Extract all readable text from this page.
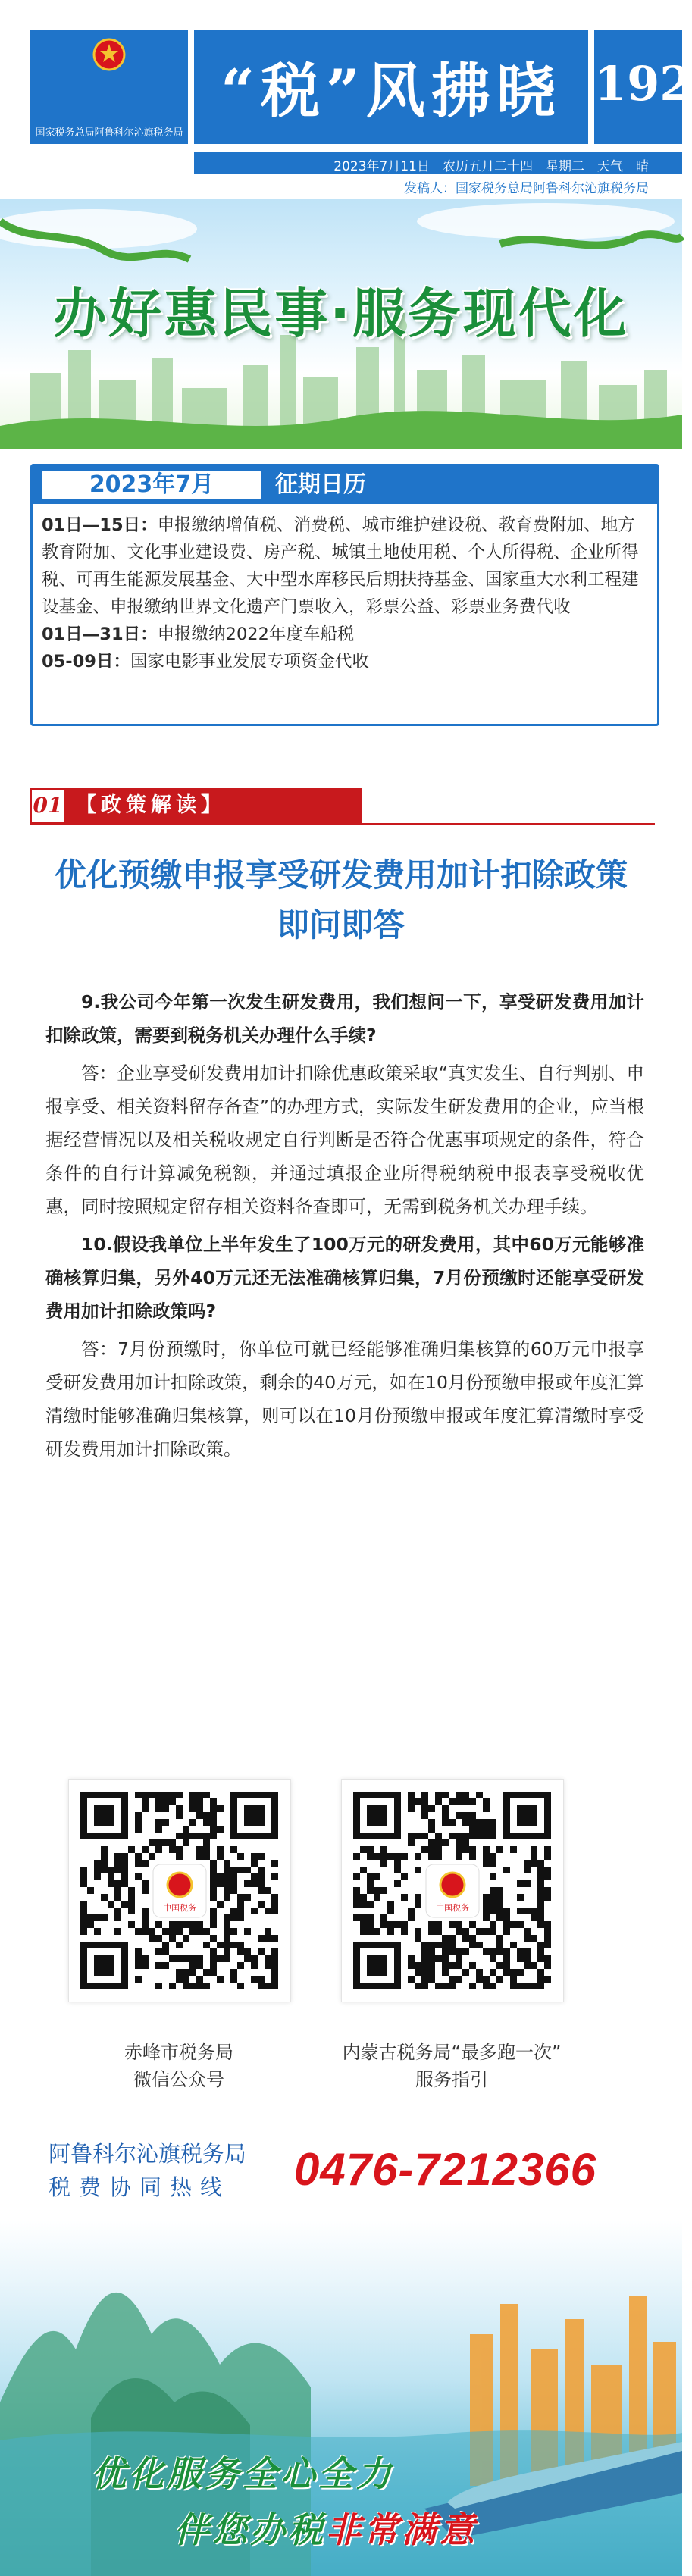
国家税务总局阿鲁科尔沁旗税务局
“税”风拂晓 192
2023年7月11日　农历五月二十四　星期二　天气　晴
发稿人：国家税务总局阿鲁科尔沁旗税务局
办好惠民事·服务现代化
2023年7月	征期日历
01日—15日：申报缴纳增值税、消费税、城市维护建设税、教育费附加、地方教育附加、文化事业建设费、房产税、城镇土地使用税、个人所得税、企业所得税、可再生能源发展基金、大中型水库移民后期扶持基金、国家重大水利工程建设基金、申报缴纳世界文化遗产门票收入，彩票公益、彩票业务费代收
01日—31日：申报缴纳2022年度车船税
05-09日：国家电影事业发展专项资金代收
01 【政策解读】
优化预缴申报享受研发费用加计扣除政策即问即答

9.我公司今年第一次发生研发费用，我们想问一下，享受研发费用加计扣除政策，需要到税务机关办理什么手续?

答：企业享受研发费用加计扣除优惠政策采取“真实发生、自行判别、申报享受、相关资料留存备查”的办理方式，实际发生研发费用的企业，应当根据经营情况以及相关税收规定自行判断是否符合优惠事项规定的条件，符合条件的自行计算减免税额，并通过填报企业所得税纳税申报表享受税收优惠，同时按照规定留存相关资料备查即可，无需到税务机关办理手续。

10.假设我单位上半年发生了100万元的研发费用，其中60万元能够准确核算归集，另外40万元还无法准确核算归集，7月份预缴时还能享受研发费用加计扣除政策吗?

答：7月份预缴时，你单位可就已经能够准确归集核算的60万元申报享受研发费用加计扣除政策，剩余的40万元，如在10月份预缴申报或年度汇算清缴时能够准确归集核算，则可以在10月份预缴申报或年度汇算清缴时享受研发费用加计扣除政策。

中国税务	中国税务
赤峰市税务局
微信公众号
内蒙古税务局“最多跑一次”
服务指引
阿鲁科尔沁旗税务局
税费协同热线	0476-7212366
优化服务全心全力
伴您办税非常满意
